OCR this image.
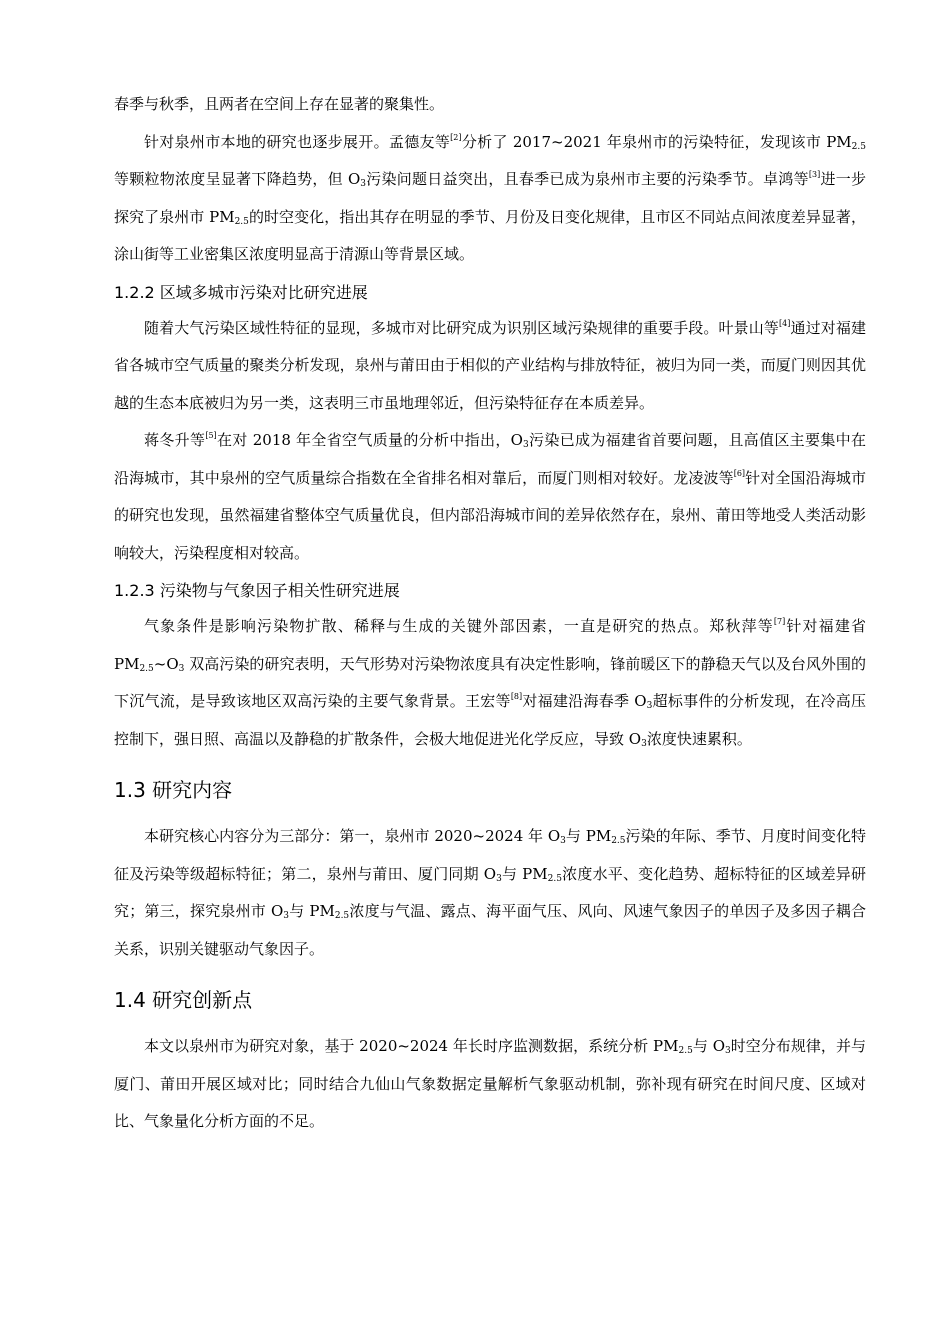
春季与秋季，且两者在空间上存在显著的聚集性。

针对泉州市本地的研究也逐步展开。孟德友等[2]分析了 2017~2021 年泉州市的污染特征，发现该市 $PM_{2.5}$等颗粒物浓度呈显著下降趋势，但 $O_3$污染问题日益突出，且春季已成为泉州市主要的污染季节。卓鸿等[3]进一步探究了泉州市 $PM_{2.5}$的时空变化，指出其存在明显的季节、月份及日变化规律，且市区不同站点间浓度差异显著，涂山街等工业密集区浓度明显高于清源山等背景区域。

1.2.2 区域多城市污染对比研究进展

随着大气污染区域性特征的显现，多城市对比研究成为识别区域污染规律的重要手段。叶景山等[4]通过对福建省各城市空气质量的聚类分析发现，泉州与莆田由于相似的产业结构与排放特征，被归为同一类，而厦门则因其优越的生态本底被归为另一类，这表明三市虽地理邻近，但污染特征存在本质差异。

蒋冬升等[5]在对 2018 年全省空气质量的分析中指出，$O_3$污染已成为福建省首要问题，且高值区主要集中在沿海城市，其中泉州的空气质量综合指数在全省排名相对靠后，而厦门则相对较好。龙凌波等[6]针对全国沿海城市的研究也发现，虽然福建省整体空气质量优良，但内部沿海城市间的差异依然存在，泉州、莆田等地受人类活动影响较大，污染程度相对较高。

1.2.3 污染物与气象因子相关性研究进展

气象条件是影响污染物扩散、稀释与生成的关键外部因素，一直是研究的热点。郑秋萍等[7]针对福建省 $PM_{2.5}\sim O_3$ 双高污染的研究表明，天气形势对污染物浓度具有决定性影响，锋前暖区下的静稳天气以及台风外围的下沉气流，是导致该地区双高污染的主要气象背景。王宏等[8]对福建沿海春季 $O_3$超标事件的分析发现，在冷高压控制下，强日照、高温以及静稳的扩散条件，会极大地促进光化学反应，导致 $O_3$浓度快速累积。

1.3 研究内容

本研究核心内容分为三部分：第一，泉州市 2020~2024 年 $O_3$与 $PM_{2.5}$污染的年际、季节、月度时间变化特征及污染等级超标特征；第二，泉州与莆田、厦门同期 $O_3$与 $PM_{2.5}$浓度水平、变化趋势、超标特征的区域差异研究；第三，探究泉州市 $O_3$与 $PM_{2.5}$浓度与气温、露点、海平面气压、风向、风速气象因子的单因子及多因子耦合关系，识别关键驱动气象因子。

1.4 研究创新点

本文以泉州市为研究对象，基于 2020~2024 年长时序监测数据，系统分析 $PM_{2.5}$与 $O_3$时空分布规律，并与厦门、莆田开展区域对比；同时结合九仙山气象数据定量解析气象驱动机制，弥补现有研究在时间尺度、区域对比、气象量化分析方面的不足。
